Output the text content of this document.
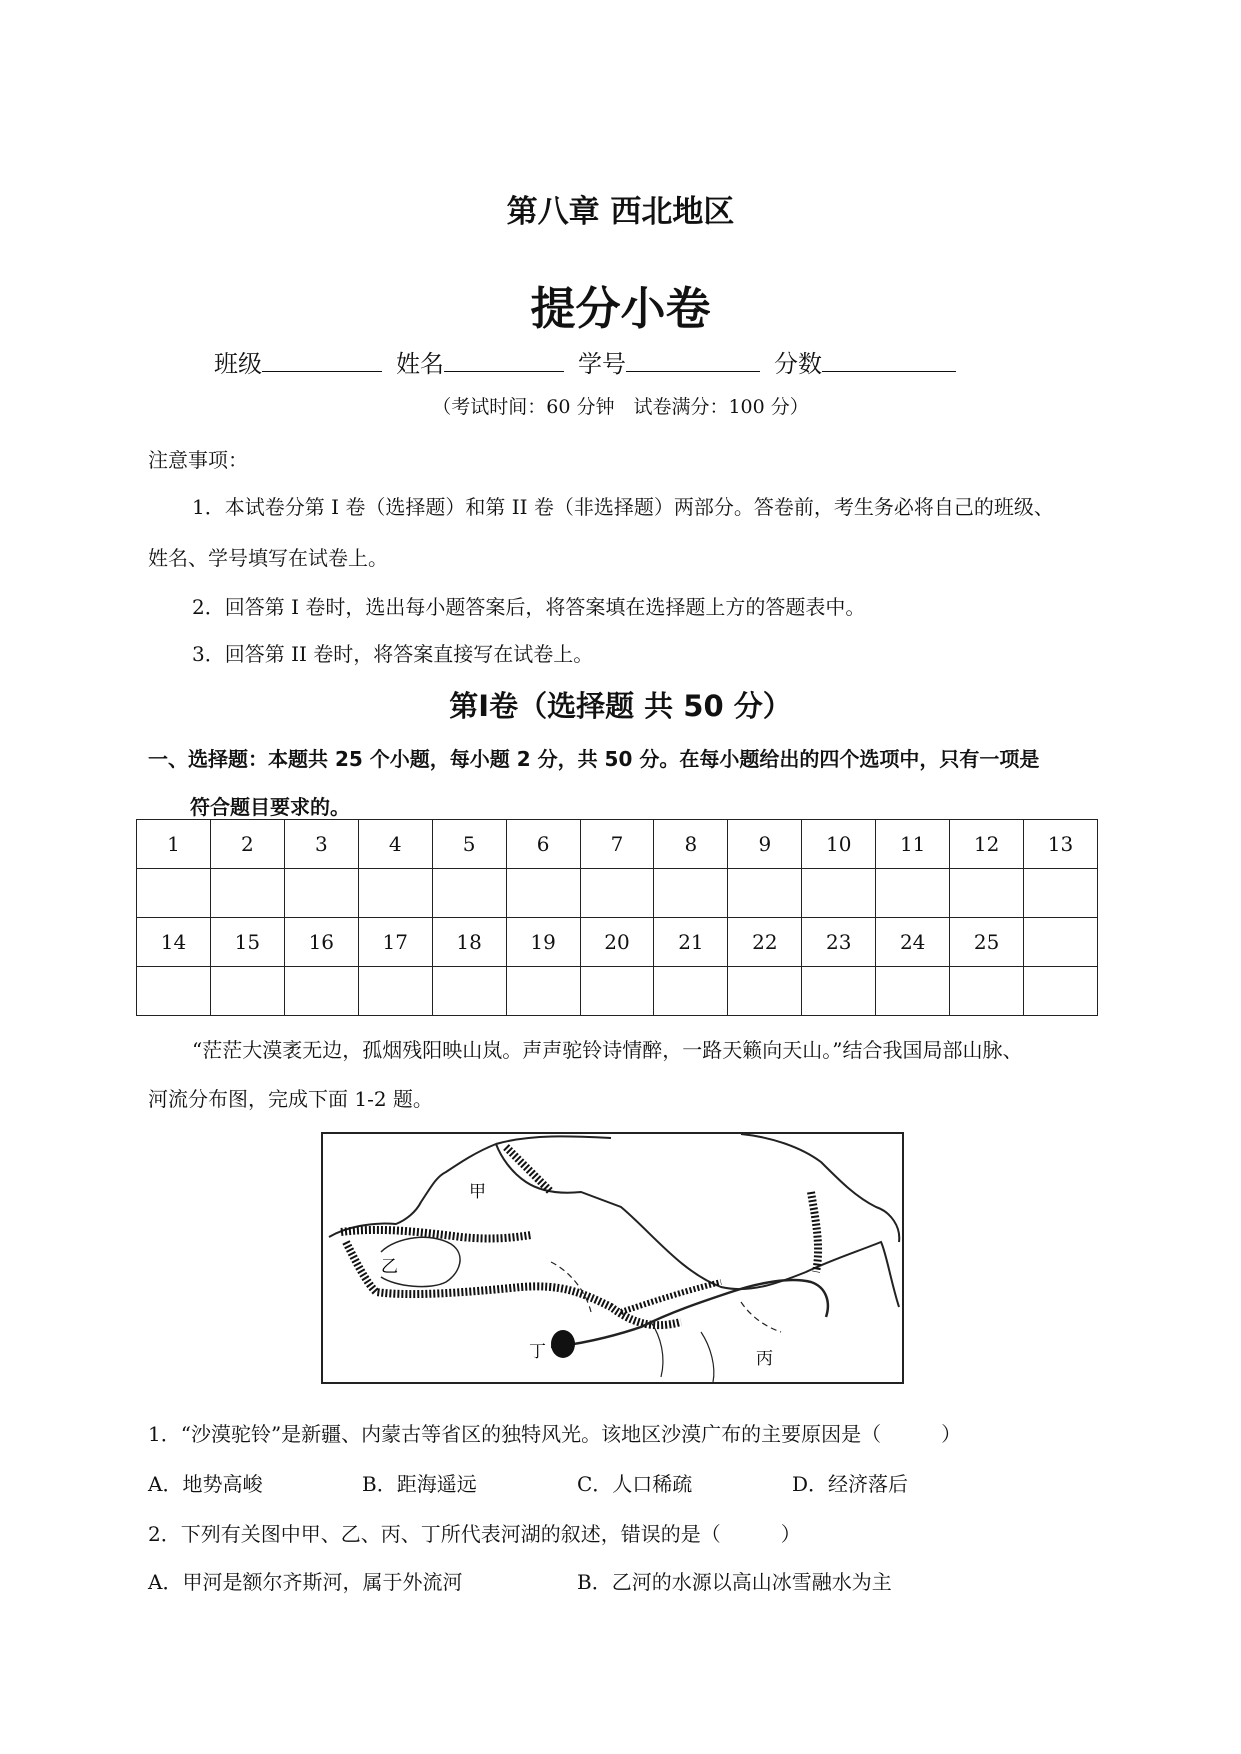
第八章 西北地区
提分小卷
班级	姓名	学号	分数
（考试时间：60 分钟　试卷满分：100 分）
注意事项：
1．本试卷分第 I 卷（选择题）和第 II 卷（非选择题）两部分。答卷前，考生务必将自己的班级、
姓名、学号填写在试卷上。
2．回答第 I 卷时，选出每小题答案后，将答案填在选择题上方的答题表中。
3．回答第 II 卷时，将答案直接写在试卷上。
第I卷（选择题 共 50 分）
一、选择题：本题共 25 个小题，每小题 2 分，共 50 分。在每小题给出的四个选项中，只有一项是
符合题目要求的。
1	2	3	4	5	6	7	8	9	10	11	12	13

14	15	16	17	18	19	20	21	22	23	24	25	

“茫茫大漠袤无边，孤烟残阳映山岚。声声驼铃诗情醉，一路天籁向天山。”结合我国局部山脉、
河流分布图，完成下面 1-2 题。
甲
乙
丙
丁
1．“沙漠驼铃”是新疆、内蒙古等省区的独特风光。该地区沙漠广布的主要原因是（　　　）
A．地势高峻	B．距海遥远	C．人口稀疏	D．经济落后
2．下列有关图中甲、乙、丙、丁所代表河湖的叙述，错误的是（　　　）
A．甲河是额尔齐斯河，属于外流河	B．乙河的水源以高山冰雪融水为主
